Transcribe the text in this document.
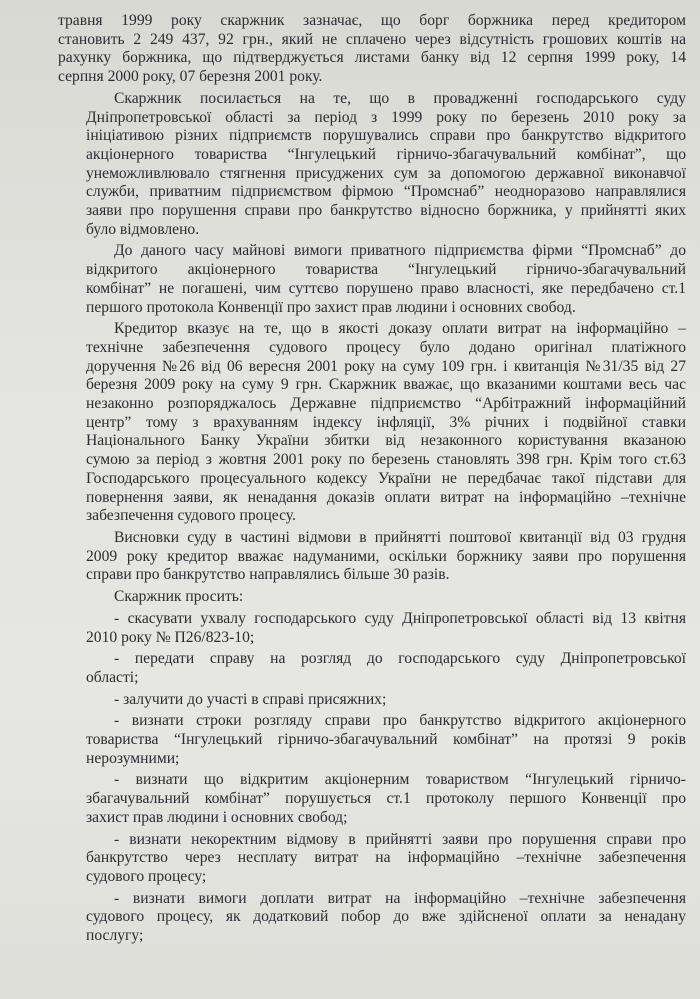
травня 1999 року скаржник зазначає, що борг боржника перед кредитором
становить 2 249 437, 92 грн., який не сплачено через відсутність грошових коштів на
рахунку боржника, що підтверджується листами банку від 12 серпня 1999 року, 14
серпня 2000 року, 07 березня 2001 року.
Скаржник посилається на те, що в провадженні господарського суду
Дніпропетровської області за період з 1999 року по березень 2010 року за
ініціативою різних підприємств порушувались справи про банкрутство відкритого
акціонерного товариства “Інгулецький гірничо-збагачувальний комбінат”, що
унеможливлювало стягнення присуджених сум за допомогою державної виконавчої
служби, приватним підприємством фірмою “Промснаб” неодноразово направлялися
заяви про порушення справи про банкрутство відносно боржника, у прийнятті яких
було відмовлено.
До даного часу майнові вимоги приватного підприємства фірми “Промснаб” до
відкритого акціонерного товариства “Інгулецький гірничо-збагачувальний
комбінат” не погашені, чим суттєво порушено право власності, яке передбачено ст.1
першого протокола Конвенції про захист прав людини і основних свобод.
Кредитор вказує на те, що в якості доказу оплати витрат на інформаційно –
технічне забезпечення судового процесу було додано оригінал платіжного
доручення №26 від 06 вересня 2001 року на суму 109 грн. і квитанція №31/35 від 27
березня 2009 року на суму 9 грн. Скаржник вважає, що вказаними коштами весь час
незаконно розпоряджалось Державне підприємство “Арбітражний інформаційний
центр” тому з врахуванням індексу інфляції, 3% річних і подвійної ставки
Національного Банку України збитки від незаконного користування вказаною
сумою за період з жовтня 2001 року по березень становлять 398 грн. Крім того ст.63
Господарського процесуального кодексу України не передбачає такої підстави для
повернення заяви, як ненадання доказів оплати витрат на інформаційно –технічне
забезпечення судового процесу.
Висновки суду в частині відмови в прийнятті поштової квитанції від 03 грудня
2009 року кредитор вважає надуманими, оскільки боржнику заяви про порушення
справи про банкрутство направлялись більше 30 разів.
Скаржник просить:
- скасувати ухвалу господарського суду Дніпропетровської області від 13 квітня
2010 року № П26/823-10;
- передати справу на розгляд до господарського суду Дніпропетровської
області;
- залучити до участі в справі присяжних;
- визнати строки розгляду справи про банкрутство відкритого акціонерного
товариства “Інгулецький гірничо-збагачувальний комбінат” на протязі 9 років
нерозумними;
- визнати що відкритим акціонерним товариством “Інгулецький гірничо-
збагачувальний комбінат” порушується ст.1 протоколу першого Конвенції про
захист прав людини і основних свобод;
- визнати некоректним відмову в прийнятті заяви про порушення справи про
банкрутство через несплату витрат на інформаційно –технічне забезпечення
судового процесу;
- визнати вимоги доплати витрат на інформаційно –технічне забезпечення
судового процесу, як додатковий побор до вже здійсненої оплати за ненадану
послугу;
